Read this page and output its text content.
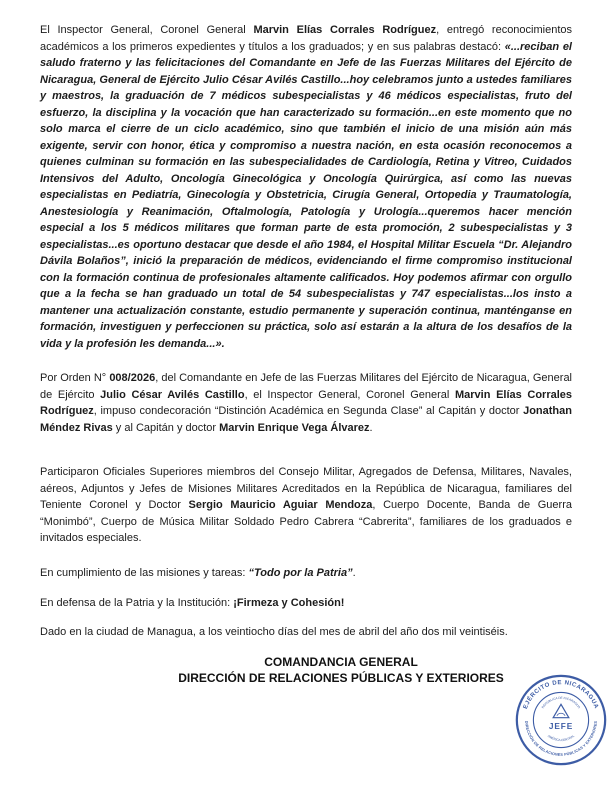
El Inspector General, Coronel General Marvin Elías Corrales Rodríguez, entregó reconocimientos académicos a los primeros expedientes y títulos a los graduados; y en sus palabras destacó: «...reciban el saludo fraterno y las felicitaciones del Comandante en Jefe de las Fuerzas Militares del Ejército de Nicaragua, General de Ejército Julio César Avilés Castillo...hoy celebramos junto a ustedes familiares y maestros, la graduación de 7 médicos subespecialistas y 46 médicos especialistas, fruto del esfuerzo, la disciplina y la vocación que han caracterizado su formación...en este momento que no solo marca el cierre de un ciclo académico, sino que también el inicio de una misión aún más exigente, servir con honor, ética y compromiso a nuestra nación, en esta ocasión reconocemos a quienes culminan su formación en las subespecialidades de Cardiología, Retina y Vitreo, Cuidados Intensivos del Adulto, Oncología Ginecológica y Oncología Quirúrgica, así como las nuevas especialistas en Pediatría, Ginecología y Obstetricia, Cirugía General, Ortopedia y Traumatología, Anestesiología y Reanimación, Oftalmología, Patología y Urología...queremos hacer mención especial a los 5 médicos militares que forman parte de esta promoción, 2 subespecialistas y 3 especialistas...es oportuno destacar que desde el año 1984, el Hospital Militar Escuela “Dr. Alejandro Dávila Bolaños”, inició la preparación de médicos, evidenciando el firme compromiso institucional con la formación continua de profesionales altamente calificados. Hoy podemos afirmar con orgullo que a la fecha se han graduado un total de 54 subespecialistas y 747 especialistas...los insto a mantener una actualización constante, estudio permanente y superación continua, manténganse en formación, investiguen y perfeccionen su práctica, solo así estarán a la altura de los desafíos de la vida y la profesión les demanda...».

Por Orden N° 008/2026, del Comandante en Jefe de las Fuerzas Militares del Ejército de Nicaragua, General de Ejército Julio César Avilés Castillo, el Inspector General, Coronel General Marvin Elías Corrales Rodríguez, impuso condecoración “Distinción Académica en Segunda Clase” al Capitán y doctor Jonathan Méndez Rivas y al Capitán y doctor Marvin Enrique Vega Álvarez.

Participaron Oficiales Superiores miembros del Consejo Militar, Agregados de Defensa, Militares, Navales, aéreos, Adjuntos y Jefes de Misiones Militares Acreditados en la República de Nicaragua, familiares del Teniente Coronel y Doctor Sergio Mauricio Aguiar Mendoza, Cuerpo Docente, Banda de Guerra “Monimbó”, Cuerpo de Música Militar Soldado Pedro Cabrera “Cabrerita”, familiares de los graduados e invitados especiales.

En cumplimiento de las misiones y tareas: “Todo por la Patria”.

En defensa de la Patria y la Institución: ¡Firmeza y Cohesión!

Dado en la ciudad de Managua, a los veintiocho días del mes de abril del año dos mil veintiséis.

COMANDANCIA GENERAL
DIRECCIÓN DE RELACIONES PÚBLICAS Y EXTERIORES
EJÉRCITO DE NICARAGUA
DIRECCIÓN DE RELACIONES PÚBLICAS Y EXTERIORES
REPÚBLICA DE NICARAGUA
AMÉRICA CENTRAL
JEFE
